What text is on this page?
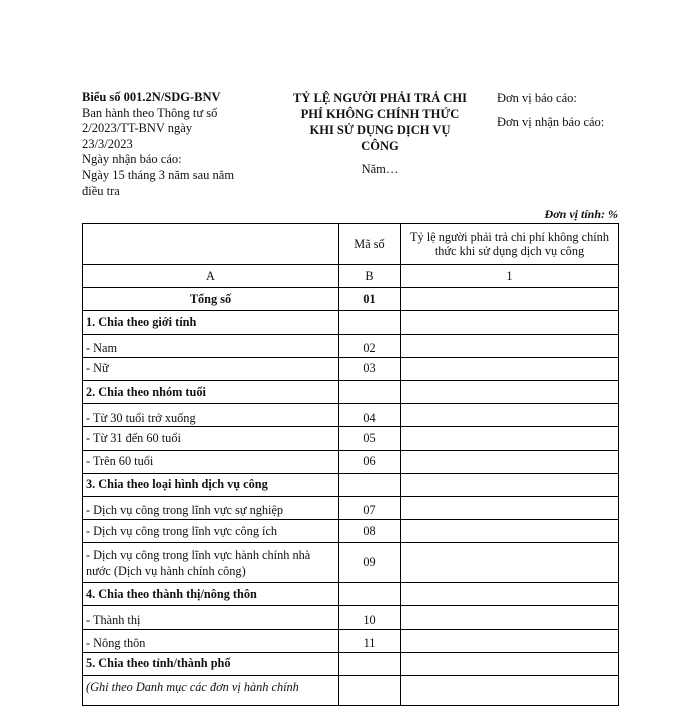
Biểu số 001.2N/SDG-BNV
Ban hành theo Thông tư số
2/2023/TT-BNV ngày
23/3/2023
Ngày nhận báo cáo:
Ngày 15 tháng 3 năm sau năm
điều tra
TỶ LỆ NGƯỜI PHẢI TRẢ CHI
PHÍ KHÔNG CHÍNH THỨC
KHI SỬ DỤNG DỊCH VỤ
CÔNG
Năm…
Đơn vị báo cáo:
Đơn vị nhận báo cáo:
Đơn vị tính: %
	Mã số	Tỷ lệ người phải trả chi phí không chính thức khi sử dụng dịch vụ công
A	B	1
Tổng số	01	
1. Chia theo giới tính		
- Nam	02	
- Nữ	03	
2. Chia theo nhóm tuổi		
- Từ 30 tuổi trở xuống	04	
- Từ 31 đến 60 tuổi	05	
- Trên 60 tuổi	06	
3. Chia theo loại hình dịch vụ công		
- Dịch vụ công trong lĩnh vực sự nghiệp	07	
- Dịch vụ công trong lĩnh vực công ích	08	
- Dịch vụ công trong lĩnh vực hành chính nhà nước (Dịch vụ hành chính công)	09	
4. Chia theo thành thị/nông thôn		
- Thành thị	10	
- Nông thôn	11	
5. Chia theo tỉnh/thành phố		
(Ghi theo Danh mục các đơn vị hành chính		
